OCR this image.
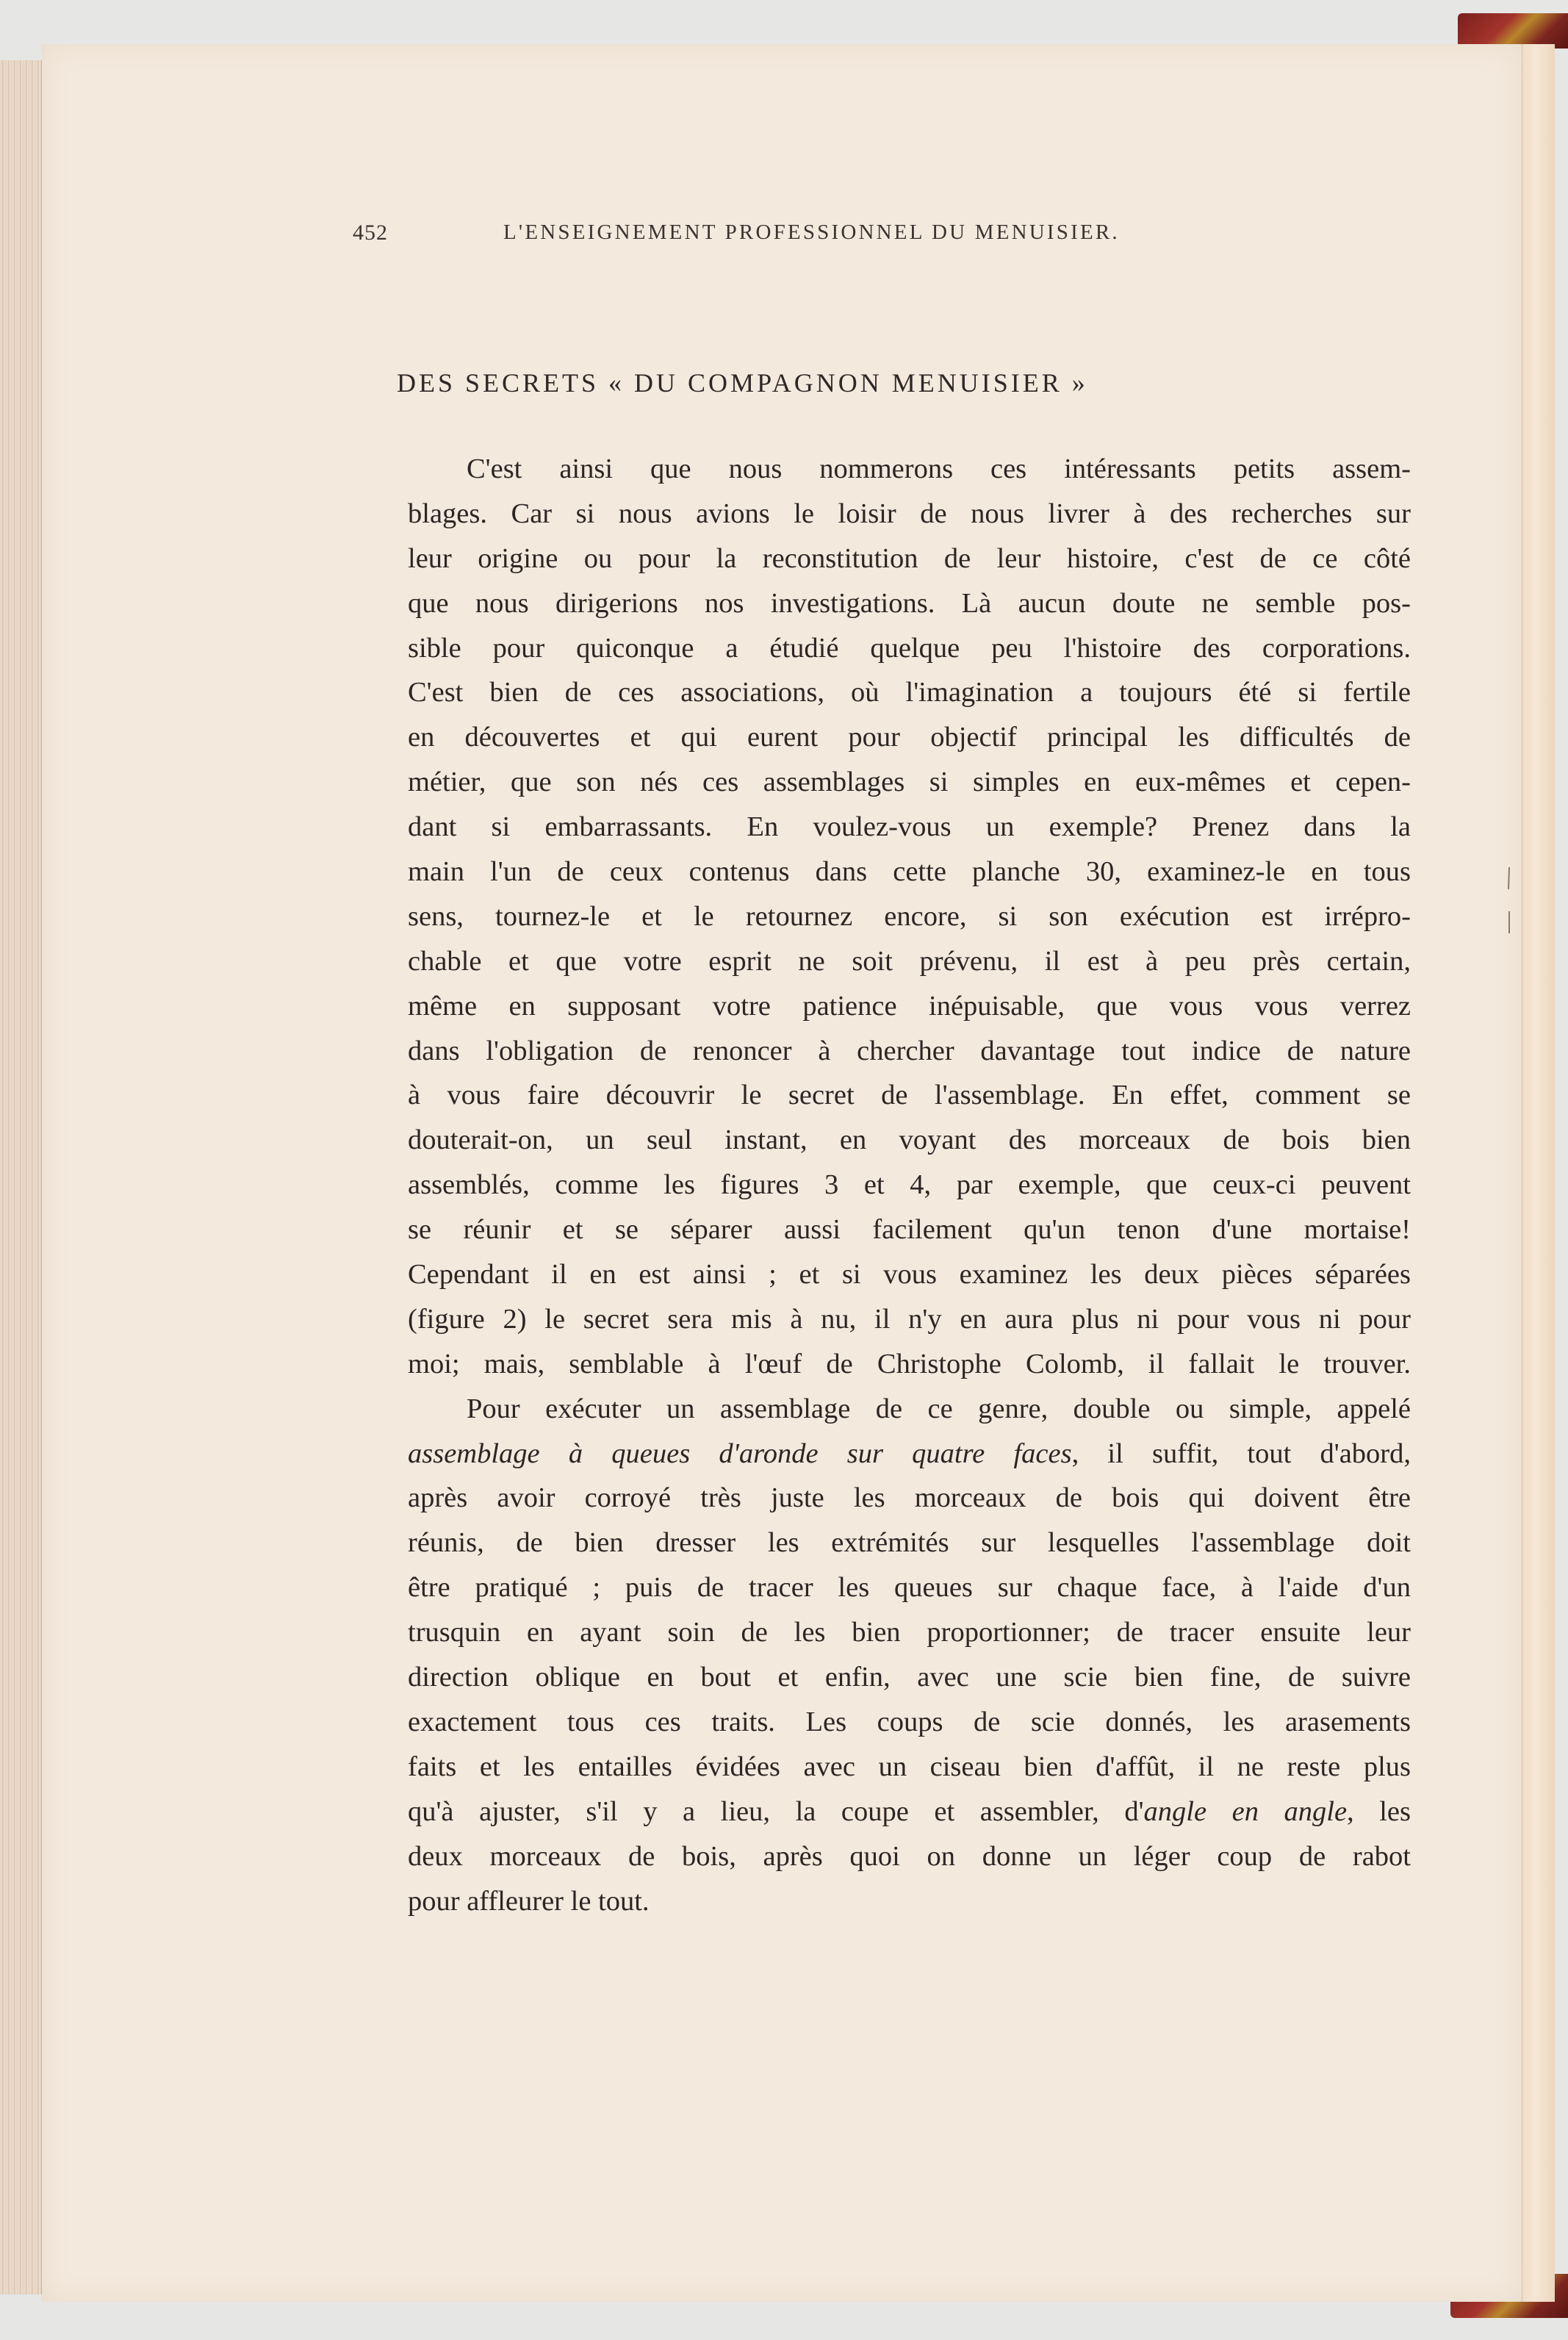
452	L'ENSEIGNEMENT PROFESSIONNEL DU MENUISIER.
DES SECRETS « DU COMPAGNON MENUISIER »
C'est ainsi que nous nommerons ces intéressants petits assem-
blages. Car si nous avions le loisir de nous livrer à des recherches sur
leur origine ou pour la reconstitution de leur histoire, c'est de ce côté
que nous dirigerions nos investigations. Là aucun doute ne semble pos-
sible pour quiconque a étudié quelque peu l'histoire des corporations.
C'est bien de ces associations, où l'imagination a toujours été si fertile
en découvertes et qui eurent pour objectif principal les difficultés de
métier, que son nés ces assemblages si simples en eux-mêmes et cepen-
dant si embarrassants. En voulez-vous un exemple? Prenez dans la
main l'un de ceux contenus dans cette planche 30, examinez-le en tous
sens, tournez-le et le retournez encore, si son exécution est irrépro-
chable et que votre esprit ne soit prévenu, il est à peu près certain,
même en supposant votre patience inépuisable, que vous vous verrez
dans l'obligation de renoncer à chercher davantage tout indice de nature
à vous faire découvrir le secret de l'assemblage. En effet, comment se
douterait-on, un seul instant, en voyant des morceaux de bois bien
assemblés, comme les figures 3 et 4, par exemple, que ceux-ci peuvent
se réunir et se séparer aussi facilement qu'un tenon d'une mortaise!
Cependant il en est ainsi ; et si vous examinez les deux pièces séparées
(figure 2) le secret sera mis à nu, il n'y en aura plus ni pour vous ni pour
moi; mais, semblable à l'œuf de Christophe Colomb, il fallait le trouver.
Pour exécuter un assemblage de ce genre, double ou simple, appelé
assemblage à queues d'aronde sur quatre faces, il suffit, tout d'abord,
après avoir corroyé très juste les morceaux de bois qui doivent être
réunis, de bien dresser les extrémités sur lesquelles l'assemblage doit
être pratiqué ; puis de tracer les queues sur chaque face, à l'aide d'un
trusquin en ayant soin de les bien proportionner; de tracer ensuite leur
direction oblique en bout et enfin, avec une scie bien fine, de suivre
exactement tous ces traits. Les coups de scie donnés, les arasements
faits et les entailles évidées avec un ciseau bien d'affût, il ne reste plus
qu'à ajuster, s'il y a lieu, la coupe et assembler, d'angle en angle, les
deux morceaux de bois, après quoi on donne un léger coup de rabot
pour affleurer le tout.
